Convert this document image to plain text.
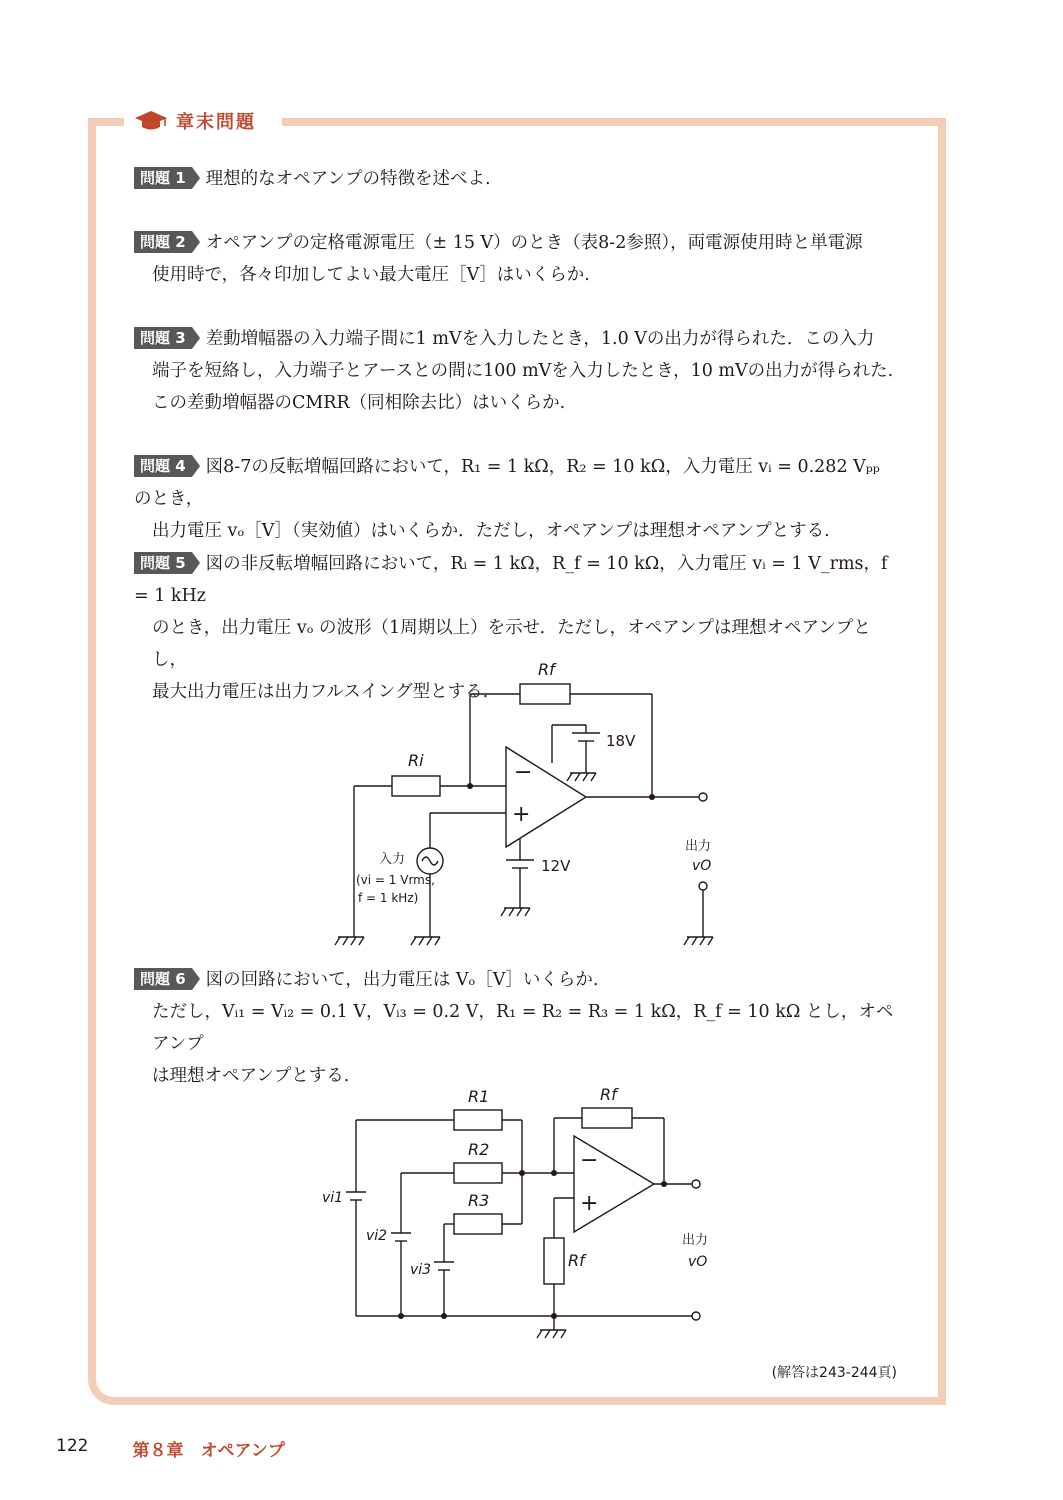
章末問題
問題 1 理想的なオペアンプの特徴を述べよ.
問題 2 オペアンプの定格電源電圧（± 15 V）のとき（表8-2参照），両電源使用時と単電源
使用時で，各々印加してよい最大電圧［V］はいくらか.
問題 3 差動増幅器の入力端子間に1 mVを入力したとき，1.0 Vの出力が得られた．この入力
端子を短絡し，入力端子とアースとの間に100 mVを入力したとき，10 mVの出力が得られた.
この差動増幅器のCMRR（同相除去比）はいくらか.
問題 4 図8-7の反転増幅回路において，R₁ = 1 kΩ，R₂ = 10 kΩ，入力電圧 vᵢ = 0.282 Vₚₚ のとき，
出力電圧 vₒ［V］（実効値）はいくらか．ただし，オペアンプは理想オペアンプとする.
問題 5 図の非反転増幅回路において，Rᵢ = 1 kΩ，R_f = 10 kΩ，入力電圧 vᵢ = 1 V_rms，f = 1 kHz
のとき，出力電圧 vₒ の波形（1周期以上）を示せ．ただし，オペアンプは理想オペアンプとし，
最大出力電圧は出力フルスイング型とする.
Rf
Ri	−
+
18V
12V
入力
(vi = 1 Vrms,
f = 1 kHz)
出力
vO
問題 6 図の回路において，出力電圧は Vₒ［V］いくらか.
ただし，Vᵢ₁ = Vᵢ₂ = 0.1 V，Vᵢ₃ = 0.2 V，R₁ = R₂ = R₃ = 1 kΩ，R_f = 10 kΩ とし，オペアンプ
は理想オペアンプとする.
R1
R2
R3
Rf
Rf
−
+
vi1
vi2
vi3
出力
vO
(解答は243-244頁)
122	第８章　オペアンプ
